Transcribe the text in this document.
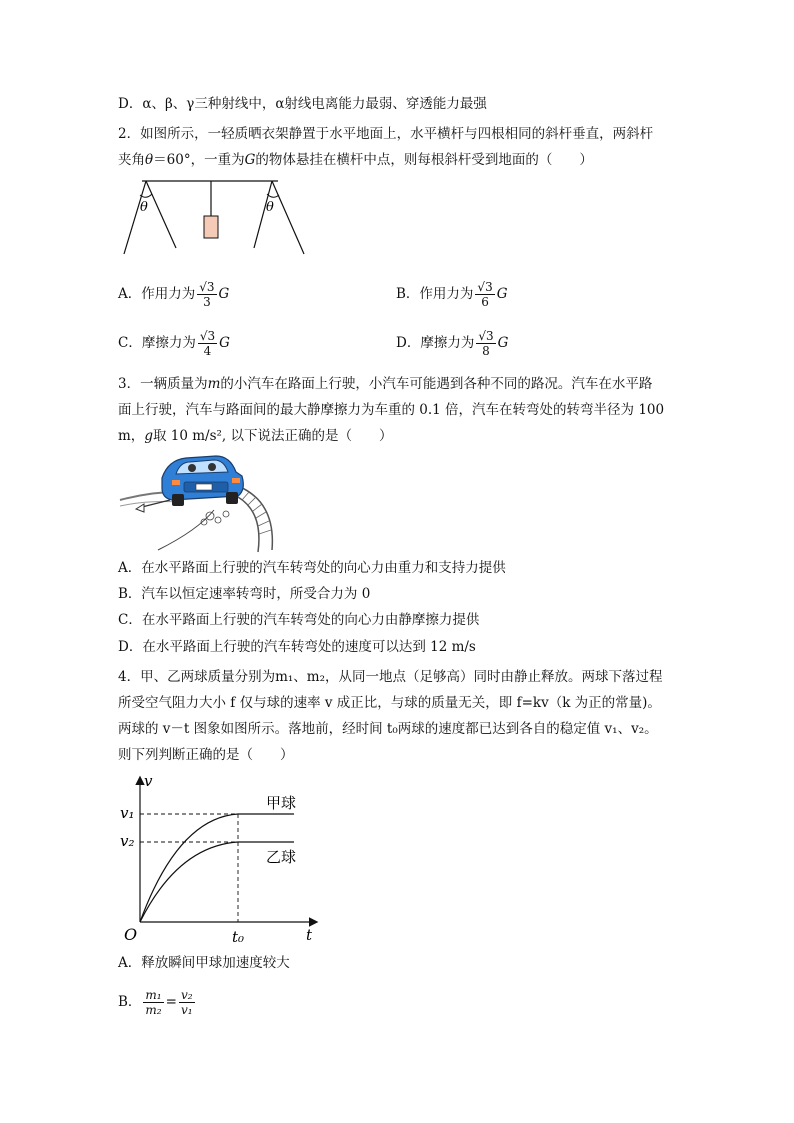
D．α、β、γ三种射线中，α射线电离能力最弱、穿透能力最强
2．如图所示，一轻质晒衣架静置于水平地面上，水平横杆与四根相同的斜杆垂直，两斜杆
夹角θ＝60°，一重为G的物体悬挂在横杆中点，则每根斜杆受到地面的（　　）
θ	θ
A．作用力为 $\frac{√3}{3}$ G	B．作用力为 $\frac{√3}{6}$ G
C．摩擦力为 $\frac{√3}{4}$ G	D．摩擦力为 $\frac{√3}{8}$ G
3．一辆质量为m的小汽车在路面上行驶，小汽车可能遇到各种不同的路况。汽车在水平路
面上行驶，汽车与路面间的最大静摩擦力为车重的 0.1 倍，汽车在转弯处的转弯半径为 100
m，g取 10 m/s², 以下说法正确的是（　　）
A．在水平路面上行驶的汽车转弯处的向心力由重力和支持力提供
B．汽车以恒定速率转弯时，所受合力为 0
C．在水平路面上行驶的汽车转弯处的向心力由静摩擦力提供
D．在水平路面上行驶的汽车转弯处的速度可以达到 12 m/s
4．甲、乙两球质量分别为m₁、m₂，从同一地点（足够高）同时由静止释放。两球下落过程
所受空气阻力大小 f 仅与球的速率 v 成正比，与球的质量无关，即 f=kv（k 为正的常量)。
两球的 v－t 图象如图所示。落地前，经时间 t₀两球的速度都已达到各自的稳定值 v₁、v₂。
则下列判断正确的是（　　）
v
t
O
v₁
v₂
t₀
甲球
乙球
A．释放瞬间甲球加速度较大
B． $\frac{\text{m₁}}{\text{m₂}} = \frac{\text{v₂}}{\text{v₁}}$
